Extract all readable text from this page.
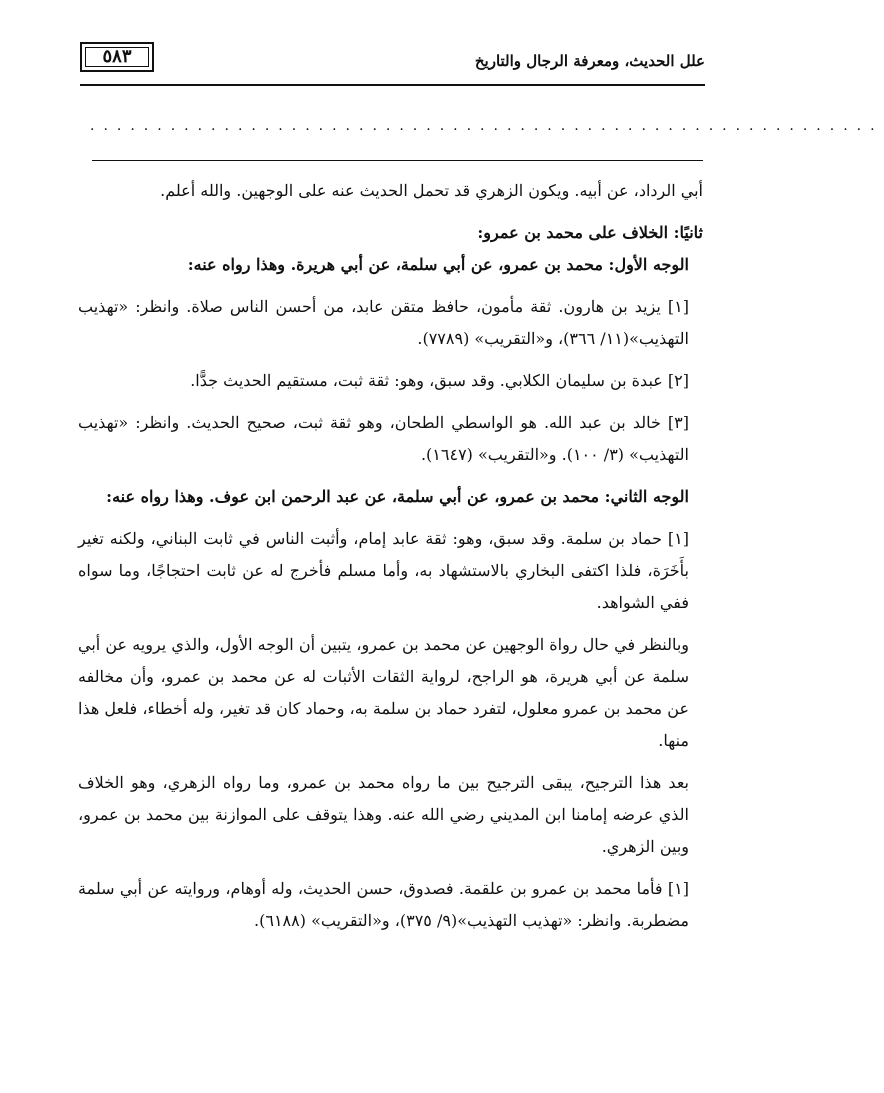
٥٨٣	علل الحديث، ومعرفة الرجال والتاريخ
...........................................................

أبي الرداد، عن أبيه. ويكون الزهري قد تحمل الحديث عنه على الوجهين. والله أعلم.

ثانيًا: الخلاف على محمد بن عمرو:

الوجه الأول: محمد بن عمرو، عن أبي سلمة، عن أبي هريرة. وهذا رواه عنه:

[١] يزيد بن هارون. ثقة مأمون، حافظ متقن عابد، من أحسن الناس صلاة. وانظر: «تهذيب التهذيب»(١١/ ٣٦٦)، و«التقريب» (٧٧٨٩).

[٢] عبدة بن سليمان الكلابي. وقد سبق، وهو: ثقة ثبت، مستقيم الحديث جدًّا.

[٣] خالد بن عبد الله. هو الواسطي الطحان، وهو ثقة ثبت، صحيح الحديث. وانظر: «تهذيب التهذيب» (٣/ ١٠٠). و«التقريب» (١٦٤٧).

الوجه الثاني: محمد بن عمرو، عن أبي سلمة، عن عبد الرحمن ابن عوف. وهذا رواه عنه:

[١] حماد بن سلمة. وقد سبق، وهو: ثقة عابد إمام، وأثبت الناس في ثابت البناني، ولكنه تغير بأَخَرَة، فلذا اكتفى البخاري بالاستشهاد به، وأما مسلم فأخرج له عن ثابت احتجاجًا، وما سواه ففي الشواهد.

وبالنظر في حال رواة الوجهين عن محمد بن عمرو، يتبين أن الوجه الأول، والذي يرويه عن أبي سلمة عن أبي هريرة، هو الراجح، لرواية الثقات الأثبات له عن محمد بن عمرو، وأن مخالفه عن محمد بن عمرو معلول، لتفرد حماد بن سلمة به، وحماد كان قد تغير، وله أخطاء، فلعل هذا منها.

بعد هذا الترجيح، يبقى الترجيح بين ما رواه محمد بن عمرو، وما رواه الزهري، وهو الخلاف الذي عرضه إمامنا ابن المديني رضي الله عنه. وهذا يتوقف على الموازنة بين محمد بن عمرو، وبين الزهري.

[١] فأما محمد بن عمرو بن علقمة. فصدوق، حسن الحديث، وله أوهام، وروايته عن أبي سلمة مضطربة. وانظر: «تهذيب التهذيب»(٩/ ٣٧٥)، و«التقريب» (٦١٨٨).
